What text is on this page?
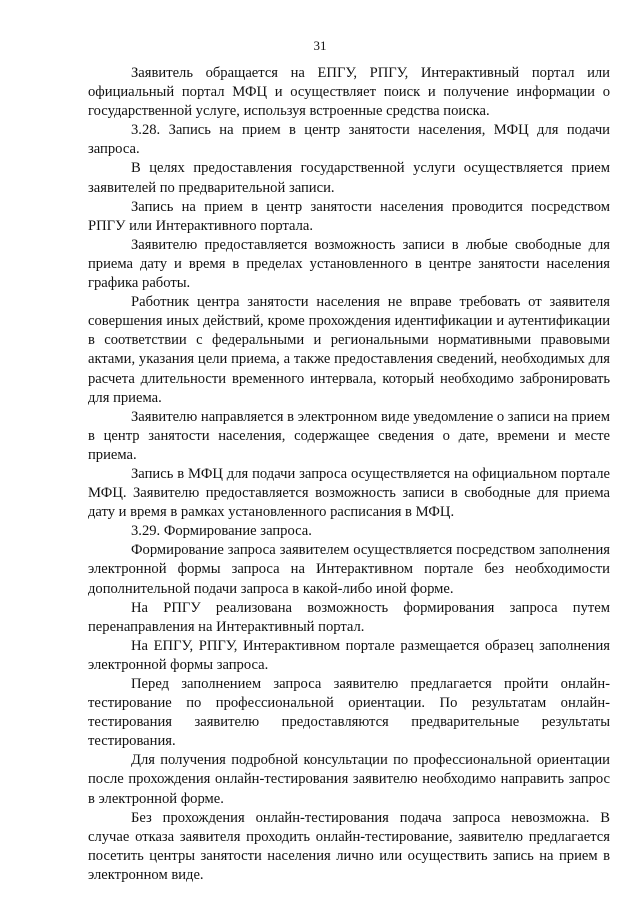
31

Заявитель обращается на ЕПГУ, РПГУ, Интерактивный портал или официальный портал МФЦ и осуществляет поиск и получение информации о государственной услуге, используя встроенные средства поиска.

3.28. Запись на прием в центр занятости населения, МФЦ для подачи запроса.

В целях предоставления государственной услуги осуществляется прием заявителей по предварительной записи.

Запись на прием в центр занятости населения проводится посредством РПГУ или Интерактивного портала.

Заявителю предоставляется возможность записи в любые свободные для приема дату и время в пределах установленного в центре занятости населения графика работы.

Работник центра занятости населения не вправе требовать от заявителя совершения иных действий, кроме прохождения идентификации и аутентификации в соответствии с федеральными и региональными нормативными правовыми актами, указания цели приема, а также предоставления сведений, необходимых для расчета длительности временного интервала, который необходимо забронировать для приема.

Заявителю направляется в электронном виде уведомление о записи на прием в центр занятости населения, содержащее сведения о дате, времени и месте приема.

Запись в МФЦ для подачи запроса осуществляется на официальном портале МФЦ. Заявителю предоставляется возможность записи в свободные для приема дату и время в рамках установленного расписания в МФЦ.

3.29. Формирование запроса.

Формирование запроса заявителем осуществляется посредством заполнения электронной формы запроса на Интерактивном портале без необходимости дополнительной подачи запроса в какой-либо иной форме.

На РПГУ реализована возможность формирования запроса путем перенаправления на Интерактивный портал.

На ЕПГУ, РПГУ, Интерактивном портале размещается образец заполнения электронной формы запроса.

Перед заполнением запроса заявителю предлагается пройти онлайн-тестирование по профессиональной ориентации. По результатам онлайн-тестирования заявителю предоставляются предварительные результаты тестирования.

Для получения подробной консультации по профессиональной ориентации после прохождения онлайн-тестирования заявителю необходимо направить запрос в электронной форме.

Без прохождения онлайн-тестирования подача запроса невозможна. В случае отказа заявителя проходить онлайн-тестирование, заявителю предлагается посетить центры занятости населения лично или осуществить запись на прием в электронном виде.
